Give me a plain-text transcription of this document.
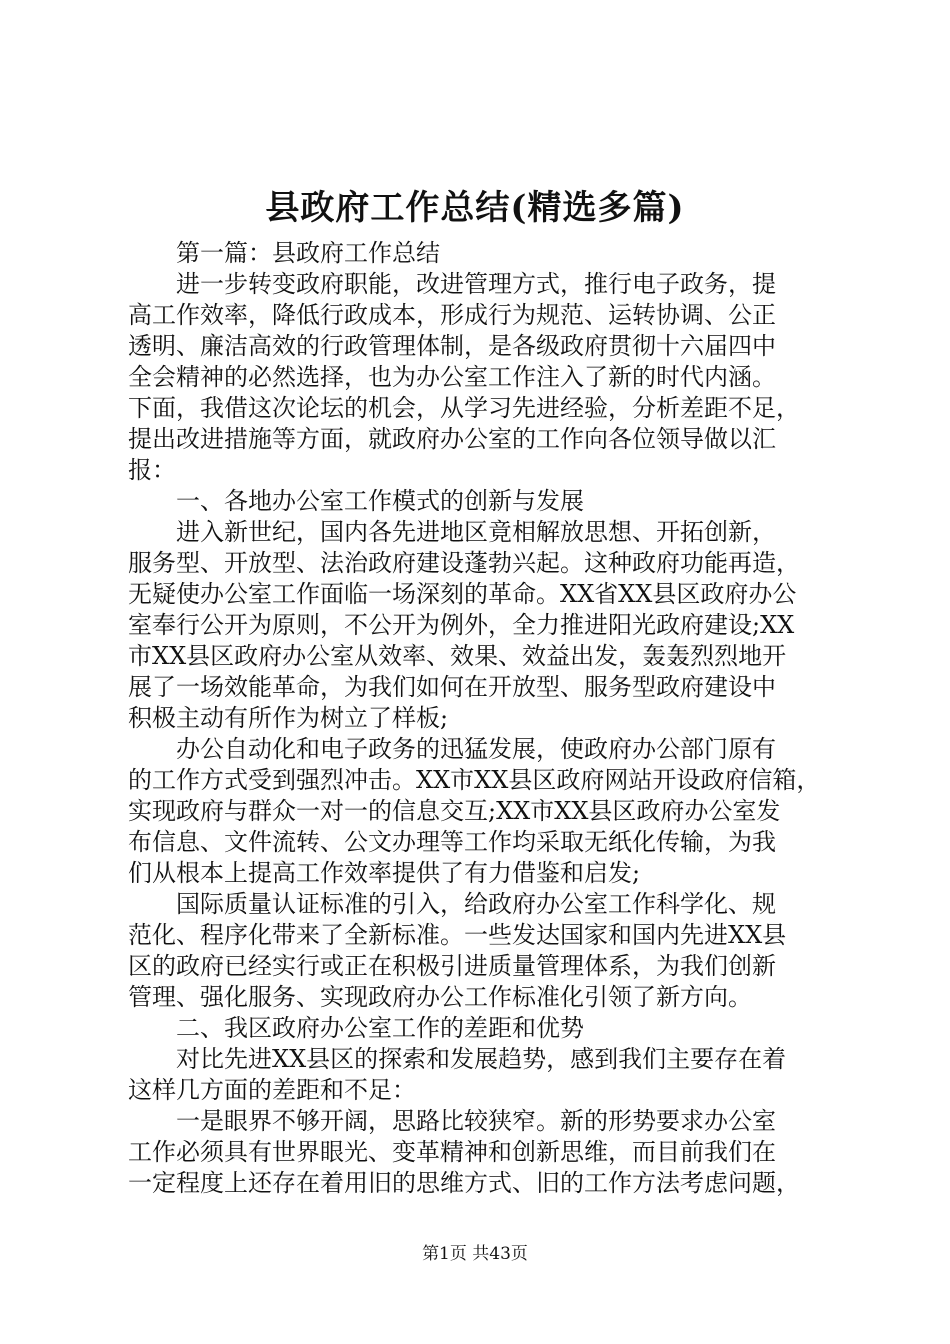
县政府工作总结(精选多篇)
　　第一篇：县政府工作总结
　　进一步转变政府职能，改进管理方式，推行电子政务，提
高工作效率，降低行政成本，形成行为规范、运转协调、公正
透明、廉洁高效的行政管理体制，是各级政府贯彻十六届四中
全会精神的必然选择，也为办公室工作注入了新的时代内涵。
下面，我借这次论坛的机会，从学习先进经验，分析差距不足，
提出改进措施等方面，就政府办公室的工作向各位领导做以汇
报：
　　一、各地办公室工作模式的创新与发展
　　进入新世纪，国内各先进地区竟相解放思想、开拓创新，
服务型、开放型、法治政府建设蓬勃兴起。这种政府功能再造，
无疑使办公室工作面临一场深刻的革命。XX省XX县区政府办公
室奉行公开为原则，不公开为例外，全力推进阳光政府建设;XX
市XX县区政府办公室从效率、效果、效益出发，轰轰烈烈地开
展了一场效能革命，为我们如何在开放型、服务型政府建设中
积极主动有所作为树立了样板;
　　办公自动化和电子政务的迅猛发展，使政府办公部门原有
的工作方式受到强烈冲击。XX市XX县区政府网站开设政府信箱，
实现政府与群众一对一的信息交互;XX市XX县区政府办公室发
布信息、文件流转、公文办理等工作均采取无纸化传输，为我
们从根本上提高工作效率提供了有力借鉴和启发;
　　国际质量认证标准的引入，给政府办公室工作科学化、规
范化、程序化带来了全新标准。一些发达国家和国内先进XX县
区的政府已经实行或正在积极引进质量管理体系，为我们创新
管理、强化服务、实现政府办公工作标准化引领了新方向。
　　二、我区政府办公室工作的差距和优势
　　对比先进XX县区的探索和发展趋势，感到我们主要存在着
这样几方面的差距和不足：
　　一是眼界不够开阔，思路比较狭窄。新的形势要求办公室
工作必须具有世界眼光、变革精神和创新思维，而目前我们在
一定程度上还存在着用旧的思维方式、旧的工作方法考虑问题，
第1页 共43页
